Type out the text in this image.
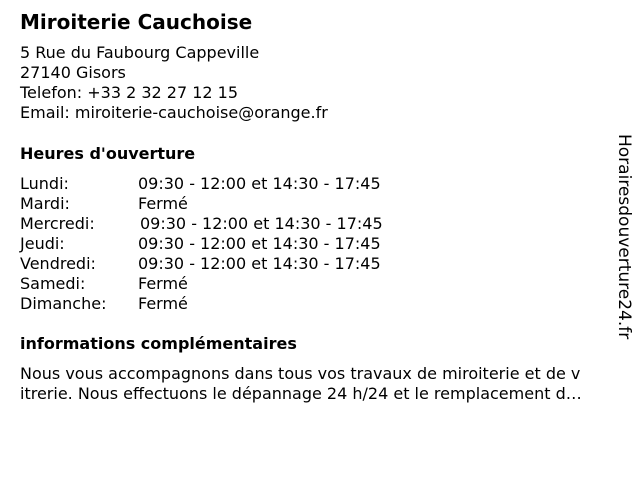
Miroiterie Cauchoise
5 Rue du Faubourg Cappeville
27140 Gisors
Telefon: +33 2 32 27 12 15
Email: miroiterie-cauchoise@orange.fr
Heures d'ouverture
Lundi:	09:30 - 12:00 et 14:30 - 17:45
Mardi:	Fermé
Mercredi:	09:30 - 12:00 et 14:30 - 17:45
Jeudi:	09:30 - 12:00 et 14:30 - 17:45
Vendredi:	09:30 - 12:00 et 14:30 - 17:45
Samedi:	Fermé
Dimanche: Fermé
informations complémentaires
Nous vous accompagnons dans tous vos travaux de miroiterie et de v
itrerie. Nous effectuons le dépannage 24 h/24 et le remplacement d…
Horairesdouverture24.fr
